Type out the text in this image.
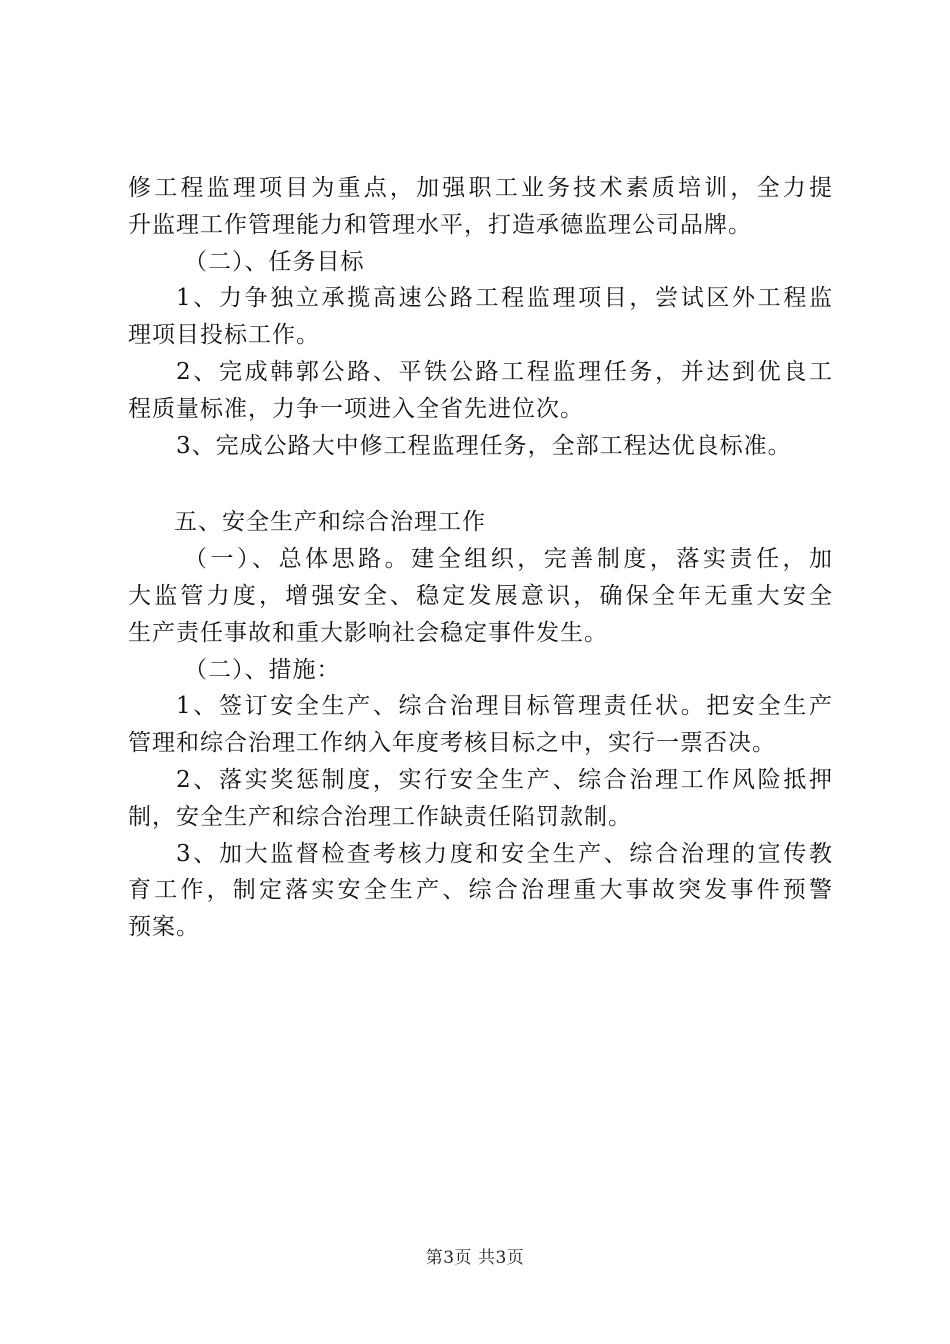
修工程监理项目为重点，加强职工业务技术素质培训，全力提
升监理工作管理能力和管理水平，打造承德监理公司品牌。
（二）、任务目标
1、力争独立承揽高速公路工程监理项目，尝试区外工程监
理项目投标工作。
2、完成韩郭公路、平铁公路工程监理任务，并达到优良工
程质量标准，力争一项进入全省先进位次。
3、完成公路大中修工程监理任务，全部工程达优良标准。
五、安全生产和综合治理工作
（一）、总体思路。建全组织，完善制度，落实责任，加
大监管力度，增强安全、稳定发展意识，确保全年无重大安全
生产责任事故和重大影响社会稳定事件发生。
（二）、措施：
1、签订安全生产、综合治理目标管理责任状。把安全生产
管理和综合治理工作纳入年度考核目标之中，实行一票否决。
2、落实奖惩制度，实行安全生产、综合治理工作风险抵押
制，安全生产和综合治理工作缺责任陷罚款制。
3、加大监督检查考核力度和安全生产、综合治理的宣传教
育工作，制定落实安全生产、综合治理重大事故突发事件预警
预案。
第3页 共3页
